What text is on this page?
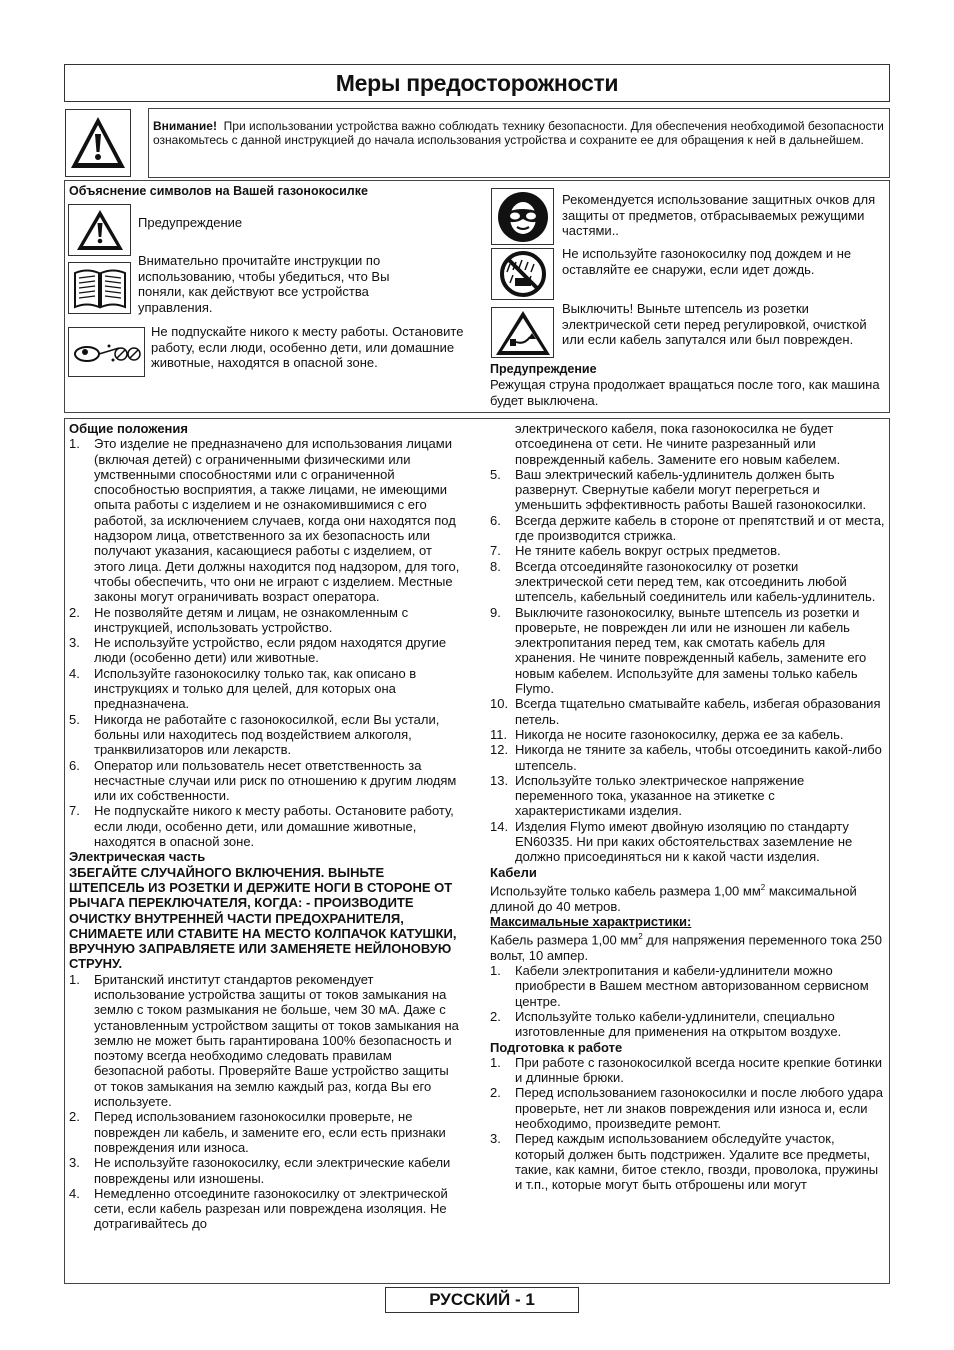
Меры предосторожности
Внимание! При использовании устройства важно соблюдать технику безопасности. Для обеспечения необходимой безопасности ознакомьтесь с данной инструкцией до начала использования устройства и сохраните ее для обращения к ней в дальнейшем.
Объяснение символов на Вашей газонокосилке
Предупреждение
Внимательно прочитайте инструкции по использованию, чтобы убедиться, что Вы поняли, как действуют все устройства управления.
Не подпускайте никого к месту работы. Остановите работу, если люди, особенно дети, или домашние животные, находятся в опасной зоне.
Рекомендуется использование защитных очков для защиты от предметов, отбрасываемых режущими частями..
Не используйте газонокосилку под дождем и не оставляйте ее снаружи, если идет дождь.
Выключить! Выньте штепсель из розетки электрической сети перед регулировкой, очисткой или если кабель запутался или был поврежден.
Предупреждение
Режущая струна продолжает вращаться после того, как машина будет выключена.
Общие положения
1.	Это изделие не предназначено для использования лицами (включая детей) с ограниченными физическими или умственными способностями или с ограниченной способностью восприятия, а также лицами, не имеющими опыта работы с изделием и не ознакомившимися с его работой, за исключением случаев, когда они находятся под надзором лица, ответственного за их безопасность или получают указания, касающиеся работы с изделием, от этого лица. Дети должны находится под надзором, для того, чтобы обеспечить, что они не играют с изделием. Местные законы могут ограничивать возраст оператора.
2.	Не позволяйте детям и лицам, не ознакомленным с инструкцией, использовать устройство.
3.	Не используйте устройство, если рядом находятся другие люди (особенно дети) или животные.
4.	Используйте газонокосилку только так, как описано в инструкциях и только для целей, для которых она предназначена.
5.	Никогда не работайте с газонокосилкой, если Вы устали, больны или находитесь под воздействием алкоголя, транквилизаторов или лекарств.
6.	Оператор или пользователь несет ответственность за несчастные случаи или риск по отношению к другим людям или их собственности.
7.	Не подпускайте никого к месту работы. Остановите работу, если люди, особенно дети, или домашние животные, находятся в опасной зоне.
Электрическая часть
ЗБЕГАЙТЕ СЛУЧАЙНОГО ВКЛЮЧЕНИЯ. ВЫНЬТЕ ШТЕПСЕЛЬ ИЗ РОЗЕТКИ И ДЕРЖИТЕ НОГИ В СТОРОНЕ ОТ РЫЧАГА ПЕРЕКЛЮЧАТЕЛЯ, КОГДА: - ПРОИЗВОДИТЕ ОЧИСТКУ ВНУТРЕННЕЙ ЧАСТИ ПРЕДОХРАНИТЕЛЯ, СНИМАЕТЕ ИЛИ СТАВИТЕ НА МЕСТО КОЛПАЧОК КАТУШКИ, ВРУЧНУЮ ЗАПРАВЛЯЕТЕ ИЛИ ЗАМЕНЯЕТЕ НЕЙЛОНОВУЮ СТРУНУ.
1.	Британский институт стандартов рекомендует использование устройства защиты от токов замыкания на землю с током размыкания не больше, чем 30 мА. Даже с установленным устройством защиты от токов замыкания на землю не может быть гарантирована 100% безопасность и поэтому всегда необходимо следовать правилам безопасной работы. Проверяйте Ваше устройство защиты от токов замыкания на землю каждый раз, когда Вы его используете.
2.	Перед использованием газонокосилки проверьте, не поврежден ли кабель, и замените его, если есть признаки повреждения или износа.
3.	Не используйте газонокосилку, если электрические кабели повреждены или изношены.
4.	Немедленно отсоедините газонокосилку от электрической сети, если кабель разрезан или повреждена изоляция. Не дотрагивайтесь до
электрического кабеля, пока газонокосилка не будет отсоединена от сети. Не чините разрезанный или поврежденный кабель. Замените его новым кабелем.
5.	Ваш электрический кабель-удлинитель должен быть развернут. Свернутые кабели могут перегреться и уменьшить эффективность работы Вашей газонокосилки.
6.	Всегда держите кабель в стороне от препятствий и от места, где производится стрижка.
7.	Не тяните кабель вокруг острых предметов.
8.	Всегда отсоединяйте газонокосилку от розетки электрической сети перед тем, как отсоединить любой штепсель, кабельный соединитель или кабель-удлинитель.
9.	Выключите газонокосилку, выньте штепсель из розетки и проверьте, не поврежден ли или не изношен ли кабель электропитания перед тем, как смотать кабель для хранения. Не чините поврежденный кабель, замените его новым кабелем. Используйте для замены только кабель Flymo.
10. Всегда тщательно сматывайте кабель, избегая образования петель.
11. Никогда не носите газонокосилку, держа ее за кабель.
12. Никогда не тяните за кабель, чтобы отсоединить какой-либо штепсель.
13. Используйте только электрическое напряжение переменного тока, указанное на этикетке с характеристиками изделия.
14. Изделия Flymo имеют двойную изоляцию по стандарту EN60335. Ни при каких обстоятельствах заземление не должно присоединяться ни к какой части изделия.
Кабели
Используйте только кабель размера 1,00 $мм^2$ максимальной длиной до 40 метров.
Максимальные характристики:
Кабель размера 1,00 $мм^2$ для напряжения переменного тока 250 вольт, 10 ампер.
1.	Кабели электропитания и кабели-удлинители можно приобрести в Вашем местном авторизованном сервисном центре.
2.	Используйте только кабели-удлинители, специально изготовленные для применения на открытом воздухе.
Подготовка к работе
1.	При работе с газонокосилкой всегда носите крепкие ботинки и длинные брюки.
2.	Перед использованием газонокосилки и после любого удара проверьте, нет ли знаков повреждения или износа и, если необходимо, произведите ремонт.
3.	Перед каждым использованием обследуйте участок, который должен быть подстрижен. Удалите все предметы, такие, как камни, битое стекло, гвозди, проволока, пружины и т.п., которые могут быть отброшены или могут
РУССКИЙ - 1
